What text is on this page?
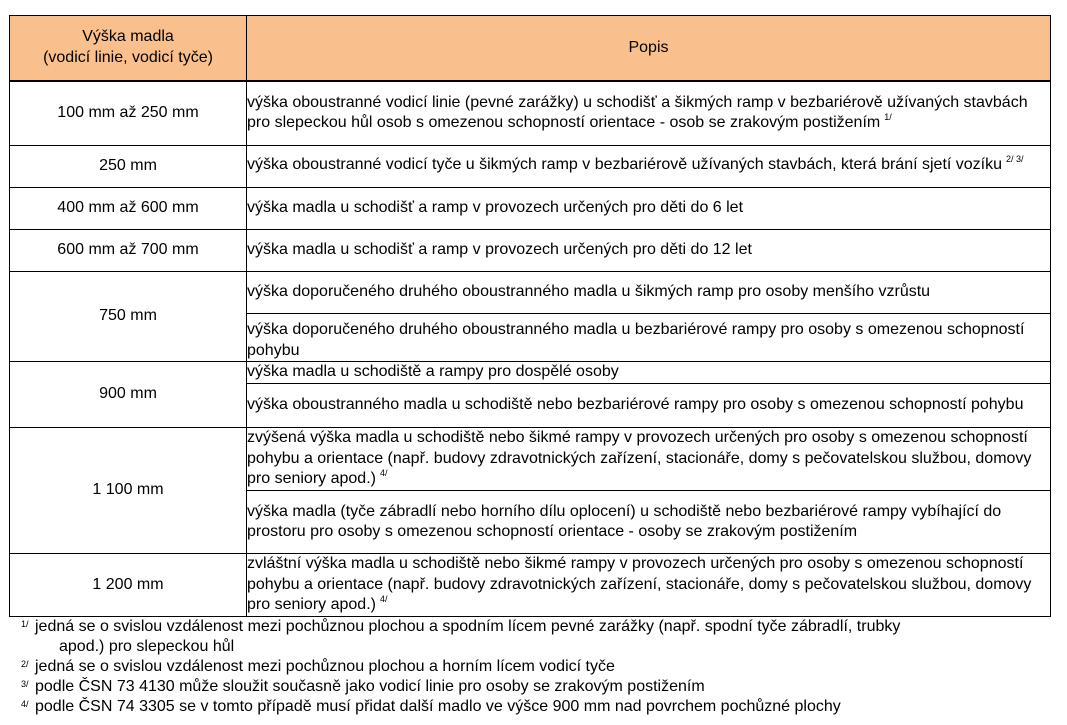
Výška madla
(vodicí linie, vodicí tyče)	Popis
100 mm až 250 mm	výška oboustranné vodicí linie (pevné zarážky) u schodišť a šikmých ramp v bezbariérově užívaných stavbách pro slepeckou hůl osob s omezenou schopností orientace - osob se zrakovým postižením $^{1/}$
250 mm	výška oboustranné vodicí tyče u šikmých ramp v bezbariérově užívaných stavbách, která brání sjetí vozíku $^{2/ 3/}$
400 mm až 600 mm	výška madla u schodišť a ramp v provozech určených pro děti do 6 let
600 mm až 700 mm	výška madla u schodišť a ramp v provozech určených pro děti do 12 let
750 mm	výška doporučeného druhého oboustranného madla u šikmých ramp pro osoby menšího vzrůstu
	výška doporučeného druhého oboustranného madla u bezbariérové rampy pro osoby s omezenou schopností pohybu
900 mm	výška madla u schodiště a rampy pro dospělé osoby
	výška oboustranného madla u schodiště nebo bezbariérové rampy pro osoby s omezenou schopností pohybu
1 100 mm	zvýšená výška madla u schodiště nebo šikmé rampy v provozech určených pro osoby s omezenou schopností pohybu a orientace (např. budovy zdravotnických zařízení, stacionáře, domy s pečovatelskou službou, domovy pro seniory apod.) $^{4/}$
	výška madla (tyče zábradlí nebo horního dílu oplocení) u schodiště nebo bezbariérové rampy vybíhající do prostoru pro osoby s omezenou schopností orientace - osoby se zrakovým postižením
1 200 mm	zvláštní výška madla u schodiště nebo šikmé rampy v provozech určených pro osoby s omezenou schopností pohybu a orientace (např. budovy zdravotnických zařízení, stacionáře, domy s pečovatelskou službou, domovy pro seniory apod.) $^{4/}$
1/ jedná se o svislou vzdálenost mezi pochůznou plochou a spodním lícem pevné zarážky (např. spodní tyče zábradlí, trubky
apod.) pro slepeckou hůl
2/ jedná se o svislou vzdálenost mezi pochůznou plochou a horním lícem vodicí tyče
3/ podle ČSN 73 4130 může sloužit současně jako vodicí linie pro osoby se zrakovým postižením
4/ podle ČSN 74 3305 se v tomto případě musí přidat další madlo ve výšce 900 mm nad povrchem pochůzné plochy
